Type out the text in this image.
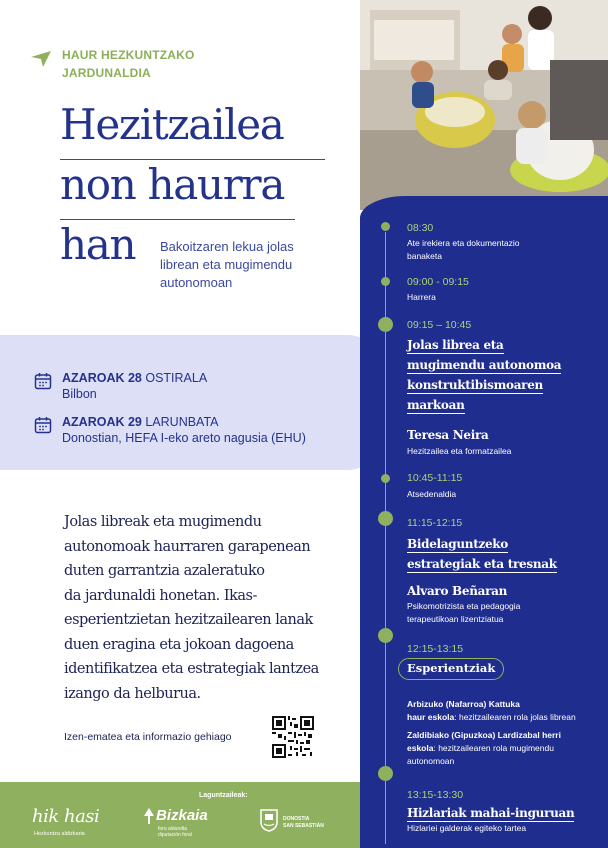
HAUR HEZKUNTZAKO
JARDUNALDIA
Hezitzailea
non haurra
han Bakoitzaren lekua jolas
librean eta mugimendu
autonomoan
AZAROAK 28 OSTIRALA
Bilbon
AZAROAK 29 LARUNBATA
Donostian, HEFA I-eko areto nagusia (EHU)
Jolas libreak eta mugimendu
autonomoak haurraren garapenean
duten garrantzia azaleratuko
da jardunaldi honetan. Ikas-
esperientzietan hezitzailearen lanak
duen eragina eta jokoan dagoena
identifikatzea eta estrategiak lantzea
izango da helburua.
Izen-ematea eta informazio gehiago
Laguntzaileak:
hik hasi
Hezkuntza aldizkaria
Bizkaia
foru aldundia diputación foral
DONOSTIA
SAN SEBASTIÁN
08:30
Ate irekiera eta dokumentazio
banaketa
09:00 - 09:15
Harrera
09:15 – 10:45
Jolas librea eta
mugimendu autonomoa
konstruktibismoaren
markoan
Teresa Neira
Hezitzailea eta formatzailea
10:45-11:15
Atsedenaldia
11:15-12:15
Bidelaguntzeko
estrategiak eta tresnak
Alvaro Beñaran
Psikomotrizista eta pedagogia
terapeutikoan lizentziatua
12:15-13:15
Esperientziak
Arbizuko (Nafarroa) Kattuka
haur eskola: hezitzailearen rola jolas librean
Zaldibiako (Gipuzkoa) Lardizabal herri
eskola: hezitzailearen rola mugimendu
autonomoan
13:15-13:30
Hizlariak mahai-inguruan
Hizlariei galderak egiteko tartea
